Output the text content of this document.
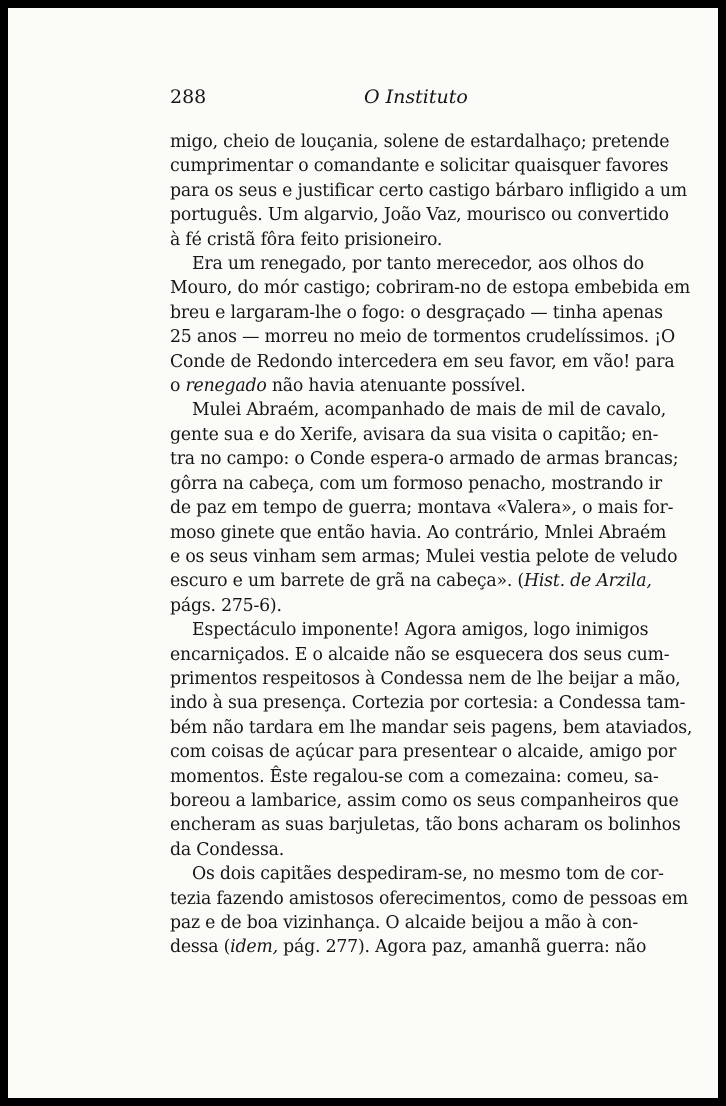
288	O Instituto
migo, cheio de louçania, solene de estardalhaço; pretende
cumprimentar o comandante e solicitar quaisquer favores
para os seus e justificar certo castigo bárbaro infligido a um
português. Um algarvio, João Vaz, mourisco ou convertido
à fé cristã fôra feito prisioneiro.
Era um renegado, por tanto merecedor, aos olhos do
Mouro, do mór castigo; cobriram-no de estopa embebida em
breu e largaram-lhe o fogo: o desgraçado — tinha apenas
25 anos — morreu no meio de tormentos crudelíssimos. ¡O
Conde de Redondo intercedera em seu favor, em vão! para
o renegado não havia atenuante possível.
Mulei Abraém, acompanhado de mais de mil de cavalo,
gente sua e do Xerife, avisara da sua visita o capitão; en-
tra no campo: o Conde espera-o armado de armas brancas;
gôrra na cabeça, com um formoso penacho, mostrando ir
de paz em tempo de guerra; montava «Valera», o mais for-
moso ginete que então havia. Ao contrário, Mnlei Abraém
e os seus vinham sem armas; Mulei vestia pelote de veludo
escuro e um barrete de grã na cabeça». (Hist. de Arzila,
págs. 275-6).
Espectáculo imponente! Agora amigos, logo inimigos
encarniçados. E o alcaide não se esquecera dos seus cum-
primentos respeitosos à Condessa nem de lhe beijar a mão,
indo à sua presença. Cortezia por cortesia: a Condessa tam-
bém não tardara em lhe mandar seis pagens, bem ataviados,
com coisas de açúcar para presentear o alcaide, amigo por
momentos. Êste regalou-se com a comezaina: comeu, sa-
boreou a lambarice, assim como os seus companheiros que
encheram as suas barjuletas, tão bons acharam os bolinhos
da Condessa.
Os dois capitães despediram-se, no mesmo tom de cor-
tezia fazendo amistosos oferecimentos, como de pessoas em
paz e de boa vizinhança. O alcaide beijou a mão à con-
dessa (idem, pág. 277). Agora paz, amanhã guerra: não
